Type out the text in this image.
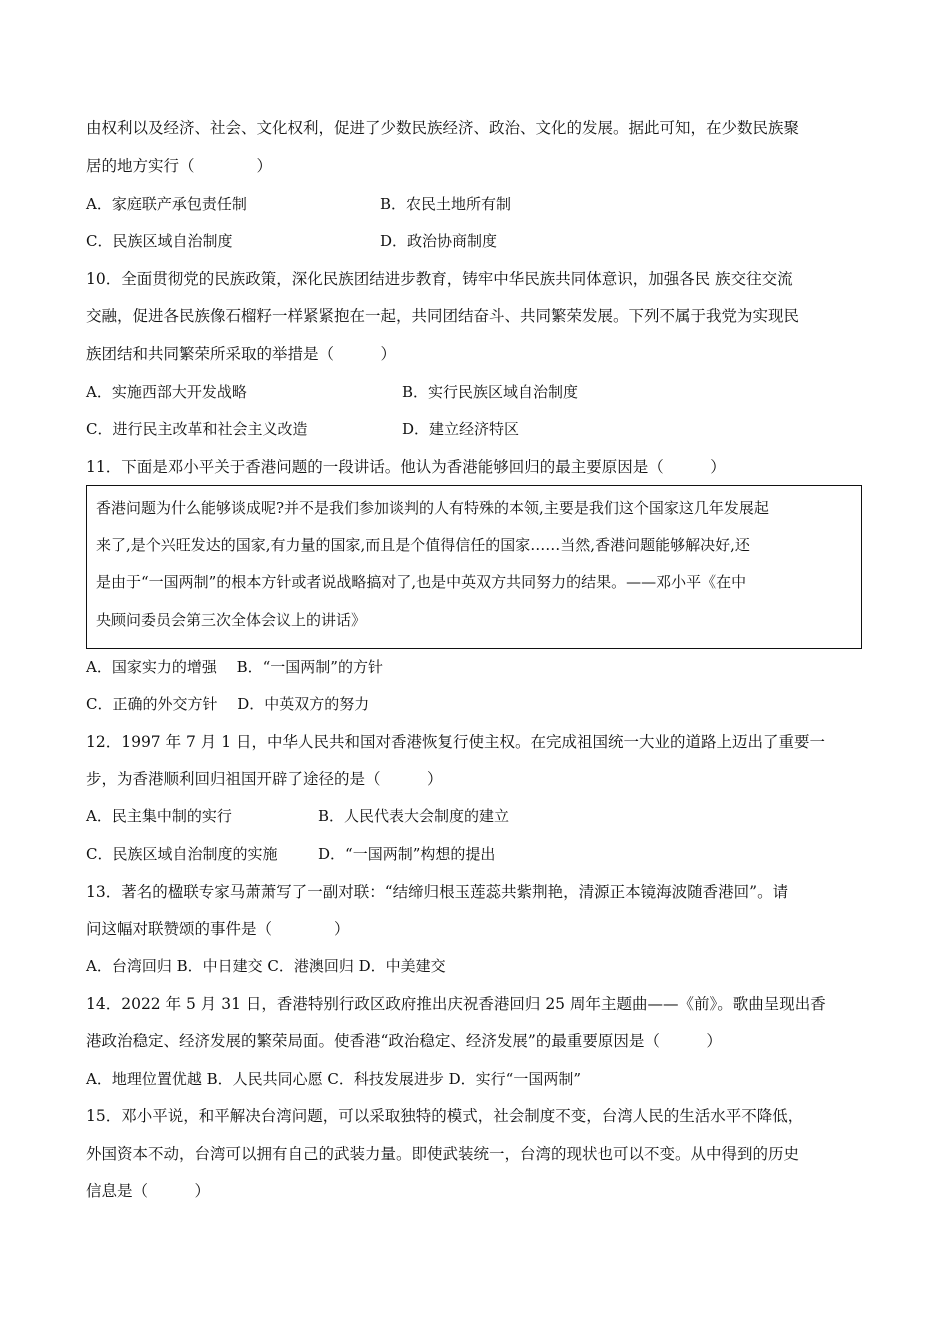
由权利以及经济、社会、文化权利，促进了少数民族经济、政治、文化的发展。据此可知，在少数民族聚
居的地方实行（　　　　）
A．家庭联产承包责任制	B．农民土地所有制
C．民族区域自治制度	D．政治协商制度
10．全面贯彻党的民族政策，深化民族团结进步教育，铸牢中华民族共同体意识，加强各民 族交往交流
交融，促进各民族像石榴籽一样紧紧抱在一起，共同团结奋斗、共同繁荣发展。下列不属于我党为实现民
族团结和共同繁荣所采取的举措是（　　　）
A．实施西部大开发战略	B．实行民族区域自治制度
C．进行民主改革和社会主义改造	D．建立经济特区
11．下面是邓小平关于香港问题的一段讲话。他认为香港能够回归的最主要原因是（　　　）
香港问题为什么能够谈成呢?并不是我们参加谈判的人有特殊的本领,主要是我们这个国家这几年发展起
来了,是个兴旺发达的国家,有力量的国家,而且是个值得信任的国家……当然,香港问题能够解决好,还
是由于“一国两制”的根本方针或者说战略搞对了,也是中英双方共同努力的结果。——邓小平《在中
央顾问委员会第三次全体会议上的讲话》
A．国家实力的增强　 B．“一国两制”的方针
C．正确的外交方针　 D．中英双方的努力
12．1997 年 7 月 1 日，中华人民共和国对香港恢复行使主权。在完成祖国统一大业的道路上迈出了重要一
步，为香港顺利回归祖国开辟了途径的是（　　　）
A．民主集中制的实行	B．人民代表大会制度的建立
C．民族区域自治制度的实施	D．“一国两制”构想的提出
13．著名的楹联专家马萧萧写了一副对联：“结缔归根玉莲蕊共紫荆艳，清源正本镜海波随香港回”。请
问这幅对联赞颂的事件是（　　　　）
A．台湾回归 B．中日建交 C．港澳回归 D．中美建交
14．2022 年 5 月 31 日，香港特别行政区政府推出庆祝香港回归 25 周年主题曲——《前》。歌曲呈现出香
港政治稳定、经济发展的繁荣局面。使香港“政治稳定、经济发展”的最重要原因是（　　　）
A．地理位置优越 B．人民共同心愿 C．科技发展进步 D．实行“一国两制”
15．邓小平说，和平解决台湾问题，可以采取独特的模式，社会制度不变，台湾人民的生活水平不降低，
外国资本不动，台湾可以拥有自己的武装力量。即使武装统一，台湾的现状也可以不变。从中得到的历史
信息是（　　　）
